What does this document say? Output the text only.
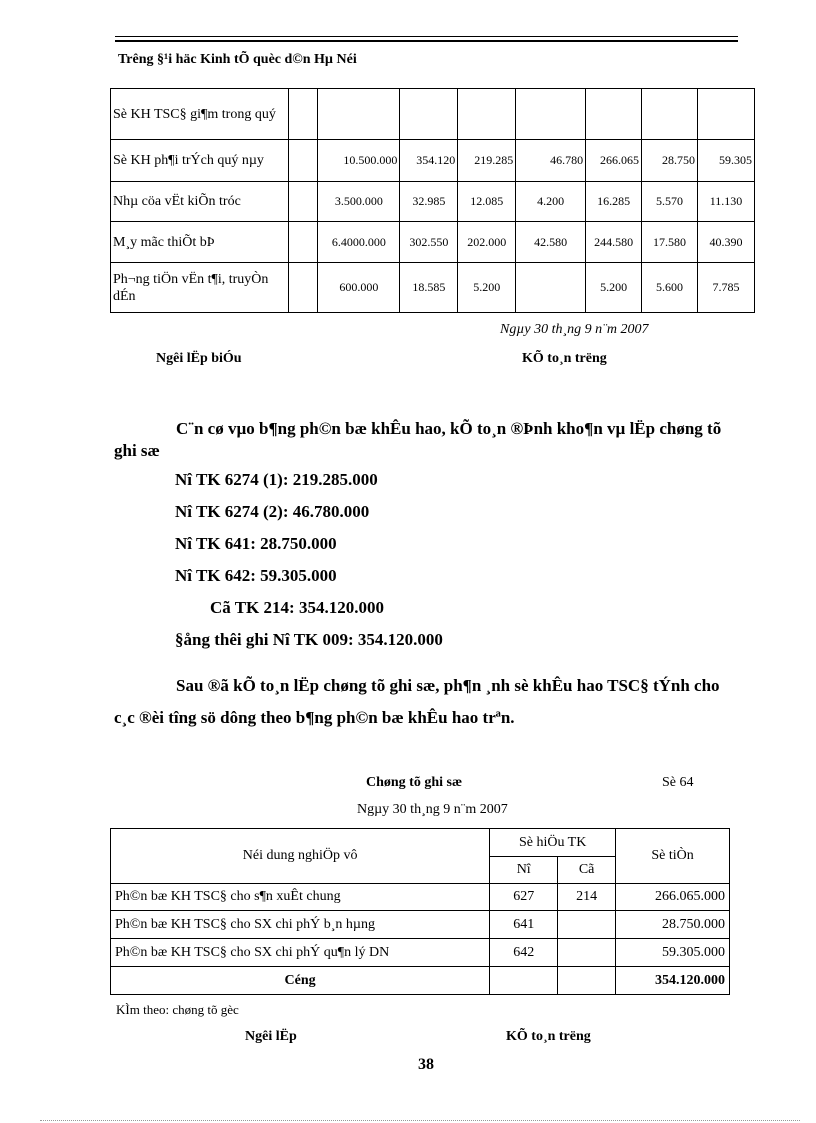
Trêng §¹i häc Kinh tÕ quèc d©n Hµ Néi
Sè KH TSC§ gi¶m trong quý								
Sè KH ph¶i trÝch quý nµy		10.500.000	354.120	219.285	46.780	266.065	28.750	59.305
Nhµ cöa vËt kiÕn tróc		3.500.000	32.985	12.085	4.200	16.285	5.570	11.130
M¸y mãc thiÕt bÞ		6.4000.000	302.550	202.000	42.580	244.580	17.580	40.390
Ph¬ng tiÖn vËn t¶i, truyÒn dÉn		600.000	18.585	5.200		5.200	5.600	7.785
Ngµy 30 th¸ng 9 n¨m 2007
Ngêi lËp biÓu	KÕ to¸n trëng
C¨n cø vµo b¶ng ph©n bæ khÊu hao, kÕ to¸n ®Þnh kho¶n vµ lËp chøng tõ ghi sæ
Nî TK 6274 (1): 219.285.000
Nî TK 6274 (2): 46.780.000
Nî TK 641: 28.750.000
Nî TK 642: 59.305.000
Cã TK 214: 354.120.000
§ång thêi ghi Nî TK 009: 354.120.000
Sau ®ã kÕ to¸n lËp chøng tõ ghi sæ, ph¶n ¸nh sè khÊu hao TSC§ tÝnh cho c¸c ®èi tîng sö dông theo b¶ng ph©n bæ khÊu hao trªn.
Chøng tõ ghi sæ	Sè 64
Ngµy 30 th¸ng 9 n¨m 2007
Néi dung nghiÖp vô	Sè hiÖu TK		Sè tiÒn
	Nî	Cã	
Ph©n bæ KH TSC§ cho s¶n xuÊt chung	627	214	266.065.000
Ph©n bæ KH TSC§ cho SX chi phÝ b¸n hµng	641		28.750.000
Ph©n bæ KH TSC§ cho SX chi phÝ qu¶n lý DN	642		59.305.000
Céng			354.120.000
KÌm theo: chøng tõ gèc
Ngêi lËp	KÕ to¸n trëng
38
